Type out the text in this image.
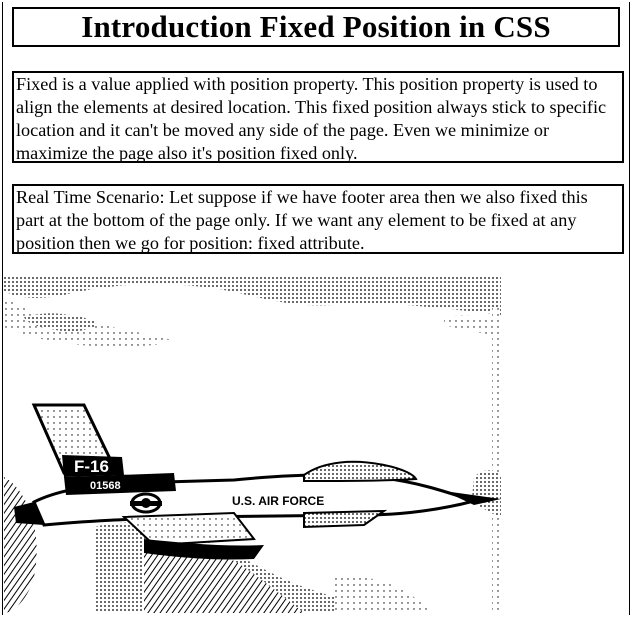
Introduction Fixed Position in CSS
Fixed is a value applied with position property. This position property is used to align the elements at desired location. This fixed position always stick to specific location and it can't be moved any side of the page. Even we minimize or maximize the page also it's position fixed only.
Real Time Scenario: Let suppose if we have footer area then we also fixed this part at the bottom of the page only. If we want any element to be fixed at any position then we go for position: fixed attribute.
F-16
01568
U.S. AIR FORCE
